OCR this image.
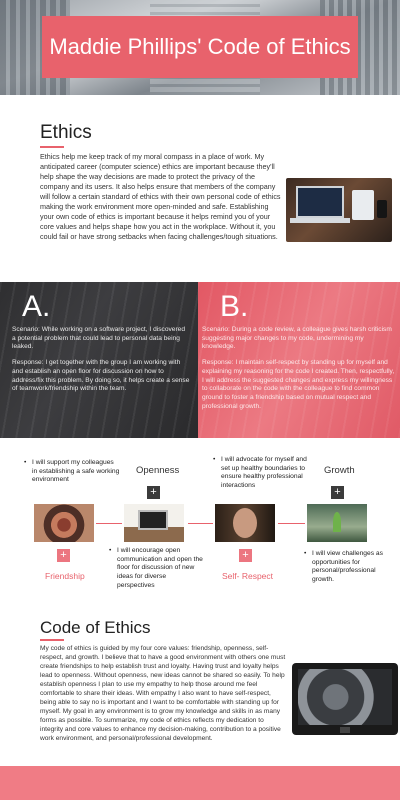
Maddie Phillips' Code of Ethics
Ethics
Ethics help me keep track of my moral compass in a place of work. My anticipated career (computer science) ethics are important because they'll help shape the way decisions are made to protect the privacy of the company and its users. It also helps ensure that members of the company will follow a certain standard of ethics with their own personal code of ethics making the work environment more open-minded and safe. Establishing your own code of ethics is important because it helps remind you of your core values and helps shape how you act in the workplace. Without it, you could fail or have strong setbacks when facing challenges/tough situations.
A.

Scenario: While working on a software project, I discovered a potential problem that could lead to personal data being leaked.

Response: I get together with the group I am working with and establish an open floor for discussion on how to address/fix this problem. By doing so, it helps create a sense of teamwork/friendship within the team.

B.

Scenario: During a code review, a colleague gives harsh criticism suggesting major changes to my code, undermining my knowledge.

Response: I maintain self-respect by standing up for myself and explaining my reasoning for the code I created. Then, respectfully, I will address the suggested changes and express my willingness to collaborate on the code with the colleague to find common ground to foster a friendship based on mutual respect and professional growth.

• I will support my colleagues in establishing a safe working environment
Openness
+
• I will advocate for myself and set up healthy boundaries to ensure healthy professional interactions
Growth
+
+
Friendship
• I will encourage open communication and open the floor for discussion of new ideas for diverse perspectives
+
Self- Respect
• I will view challenges as opportunities for personal/professional growth.
Code of Ethics
My code of ethics is guided by my four core values: friendship, openness, self-respect, and growth. I believe that to have a good environment with others one must create friendships to help establish trust and loyalty. Having trust and loyalty helps lead to openness. Without openness, new ideas cannot be shared so easily. To help establish openness I plan to use my empathy to help those around me feel comfortable to share their ideas. With empathy I also want to have self-respect, being able to say no is important and I want to be comfortable with standing up for myself. My goal in any environment is to grow my knowledge and skills in as many forms as possible. To summarize, my code of ethics reflects my dedication to integrity and core values to enhance my decision-making, contribution to a positive work environment, and personal/professional development.
